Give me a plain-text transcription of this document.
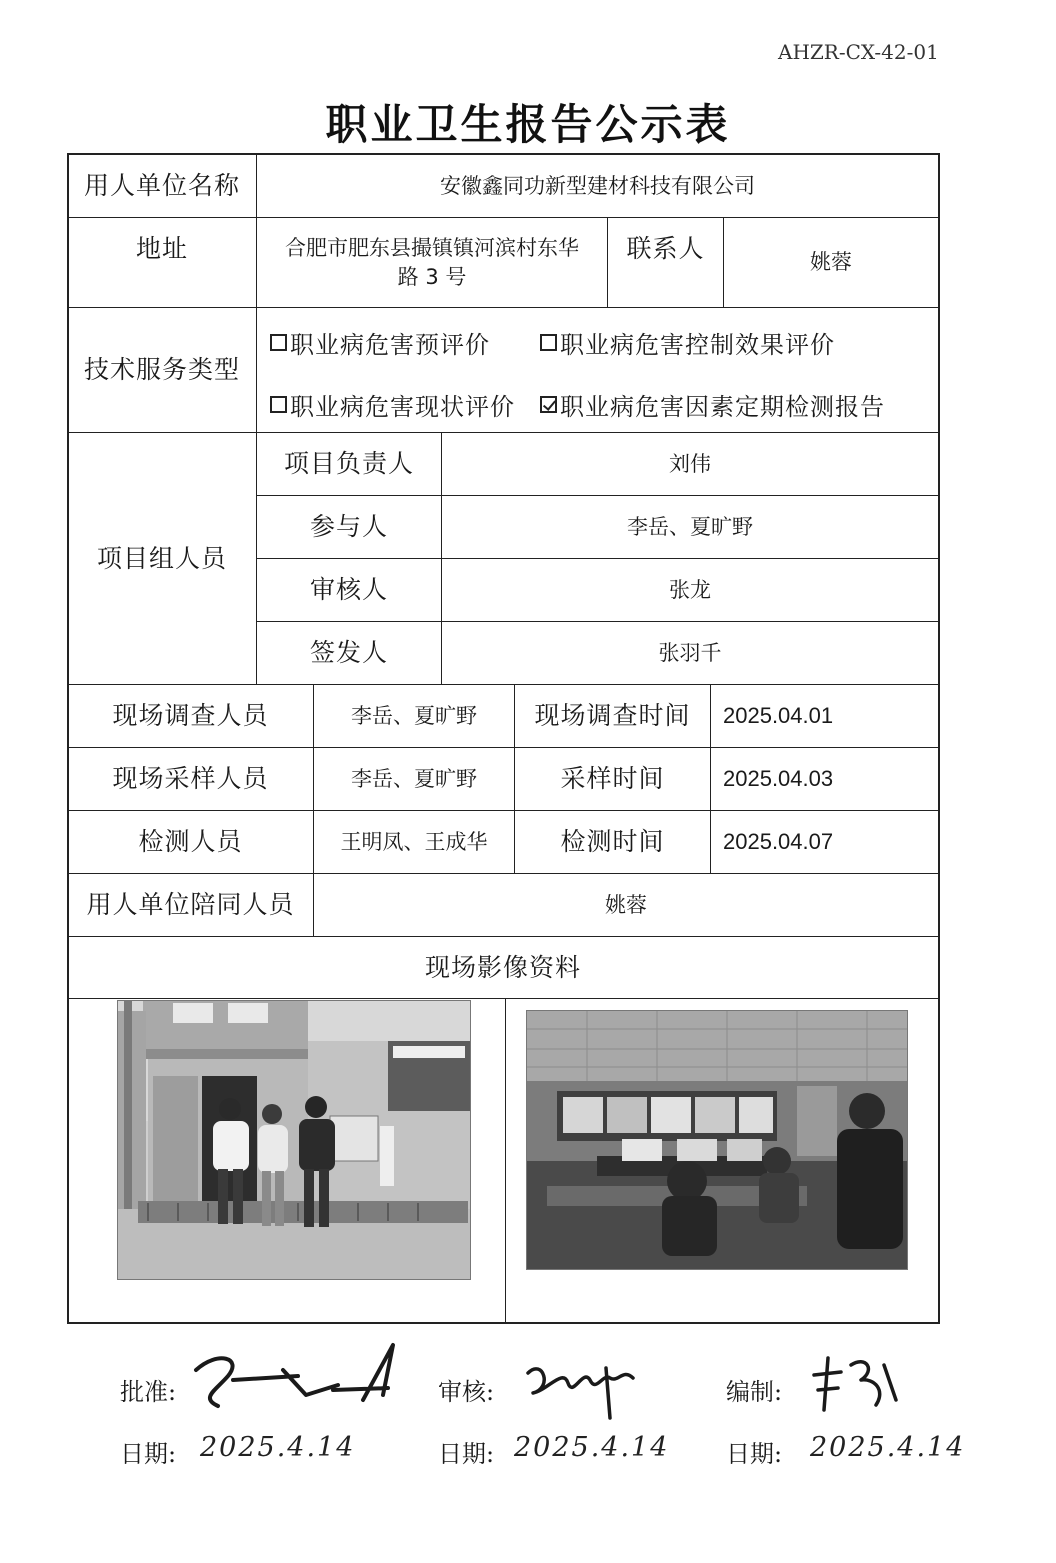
AHZR-CX-42-01
职业卫生报告公示表
用人单位名称	安徽鑫同功新型建材科技有限公司
地址	合肥市肥东县撮镇镇河滨村东华
路 3 号
联系人	姚蓉
技术服务类型
职业病危害预评价	职业病危害控制效果评价
职业病危害现状评价 职业病危害因素定期检测报告
项目组人员
项目负责人	刘伟
参与人	李岳、夏旷野
审核人	张龙
签发人	张羽千
现场调查人员	李岳、夏旷野	现场调查时间	2025.04.01
现场采样人员	李岳、夏旷野	采样时间	2025.04.03
检测人员	王明凤、王成华	检测时间	2025.04.07
用人单位陪同人员	姚蓉
现场影像资料
批准:	审核:	编制:
日期: 2025.4.14	日期: 2025.4.14 日期: 2025.4.14
